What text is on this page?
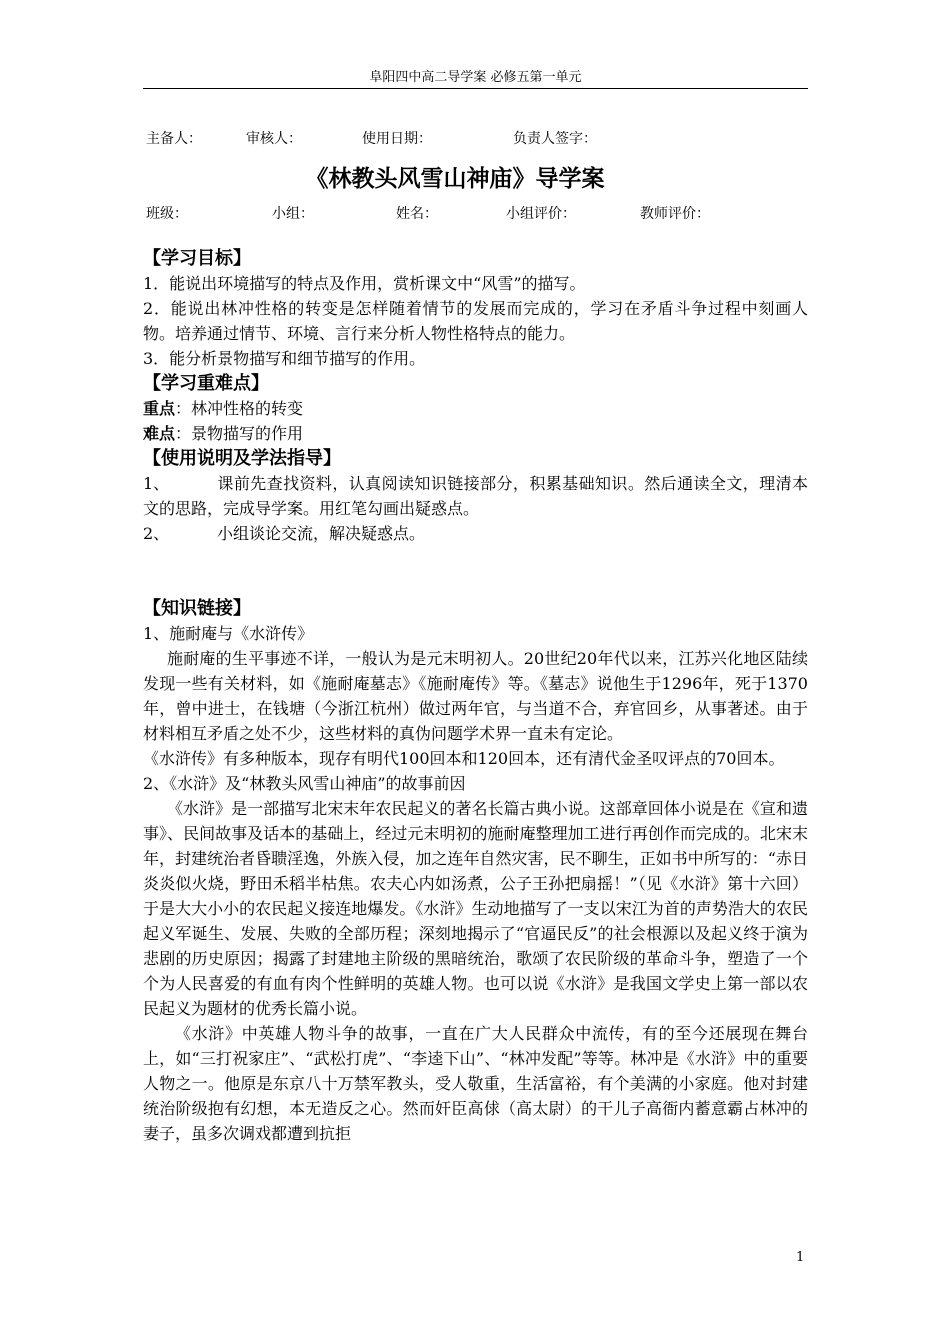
阜阳四中高二导学案 必修五第一单元
主备人：	审核人：	使用日期：	负责人签字：
《林教头风雪山神庙》导学案
班级：	小组：	姓名：	小组评价：	教师评价：
【学习目标】

1．能说出环境描写的特点及作用，赏析课文中“风雪”的描写。

2．能说出林冲性格的转变是怎样随着情节的发展而完成的，学习在矛盾斗争过程中刻画人物。培养通过情节、环境、言行来分析人物性格特点的能力。

3．能分析景物描写和细节描写的作用。

【学习重难点】

重点：林冲性格的转变

难点：景物描写的作用

【使用说明及学法指导】

1、	课前先查找资料，认真阅读知识链接部分，积累基础知识。然后通读全文，理清本文的思路，完成导学案。用红笔勾画出疑惑点。

2、	小组谈论交流，解决疑惑点。

【知识链接】

1、施耐庵与《水浒传》

施耐庵的生平事迹不详，一般认为是元末明初人。20世纪20年代以来，江苏兴化地区陆续发现一些有关材料，如《施耐庵墓志》《施耐庵传》等。《墓志》说他生于1296年，死于1370年，曾中进士，在钱塘（今浙江杭州）做过两年官，与当道不合，弃官回乡，从事著述。由于材料相互矛盾之处不少，这些材料的真伪问题学术界一直未有定论。

《水浒传》有多种版本，现存有明代100回本和120回本，还有清代金圣叹评点的70回本。

2、《水浒》及“林教头风雪山神庙”的故事前因

《水浒》是一部描写北宋末年农民起义的著名长篇古典小说。这部章回体小说是在《宣和遗事》、民间故事及话本的基础上，经过元末明初的施耐庵整理加工进行再创作而完成的。北宋末年，封建统治者昏聩淫逸，外族入侵，加之连年自然灾害，民不聊生，正如书中所写的：“赤日炎炎似火烧，野田禾稻半枯焦。农夫心内如汤煮，公子王孙把扇摇！”（见《水浒》第十六回）于是大大小小的农民起义接连地爆发。《水浒》生动地描写了一支以宋江为首的声势浩大的农民起义军诞生、发展、失败的全部历程；深刻地揭示了“官逼民反”的社会根源以及起义终于演为悲剧的历史原因；揭露了封建地主阶级的黑暗统治，歌颂了农民阶级的革命斗争，塑造了一个个为人民喜爱的有血有肉个性鲜明的英雄人物。也可以说《水浒》是我国文学史上第一部以农民起义为题材的优秀长篇小说。

《水浒》中英雄人物斗争的故事，一直在广大人民群众中流传，有的至今还展现在舞台上，如“三打祝家庄”、“武松打虎”、“李逵下山”、“林冲发配”等等。林冲是《水浒》中的重要人物之一。他原是东京八十万禁军教头，受人敬重，生活富裕，有个美满的小家庭。他对封建统治阶级抱有幻想，本无造反之心。然而奸臣高俅（高太尉）的干儿子高衙内蓄意霸占林冲的妻子，虽多次调戏都遭到抗拒

1
